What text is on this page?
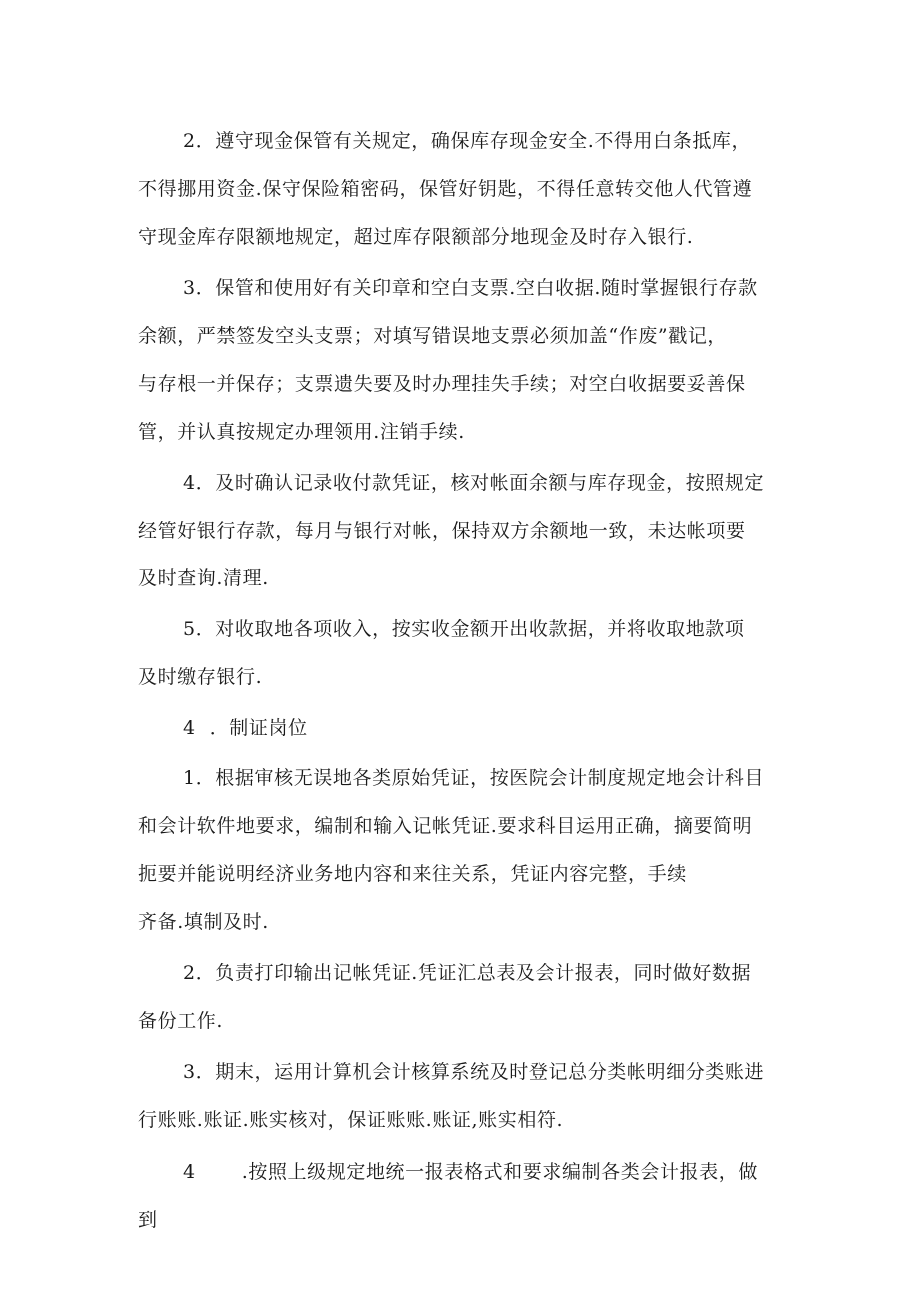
2．遵守现金保管有关规定，确保库存现金安全.不得用白条抵库，
不得挪用资金.保守保险箱密码，保管好钥匙，不得任意转交他人代管遵
守现金库存限额地规定，超过库存限额部分地现金及时存入银行.
3．保管和使用好有关印章和空白支票.空白收据.随时掌握银行存款
余额，严禁签发空头支票；对填写错误地支票必须加盖“作废”戳记，
与存根一并保存；支票遗失要及时办理挂失手续；对空白收据要妥善保
管，并认真按规定办理领用.注销手续.
4．及时确认记录收付款凭证，核对帐面余额与库存现金，按照规定
经管好银行存款，每月与银行对帐，保持双方余额地一致，未达帐项要
及时查询.清理.
5．对收取地各项收入，按实收金额开出收款据，并将收取地款项
及时缴存银行.
4 ．制证岗位
1．根据审核无误地各类原始凭证，按医院会计制度规定地会计科目
和会计软件地要求，编制和输入记帐凭证.要求科目运用正确，摘要简明
扼要并能说明经济业务地内容和来往关系，凭证内容完整，手续
齐备.填制及时.
2．负责打印输出记帐凭证.凭证汇总表及会计报表，同时做好数据
备份工作.
3．期末，运用计算机会计核算系统及时登记总分类帐明细分类账进
行账账.账证.账实核对，保证账账.账证,账实相符.
4 .按照上级规定地统一报表格式和要求编制各类会计报表，做
到
